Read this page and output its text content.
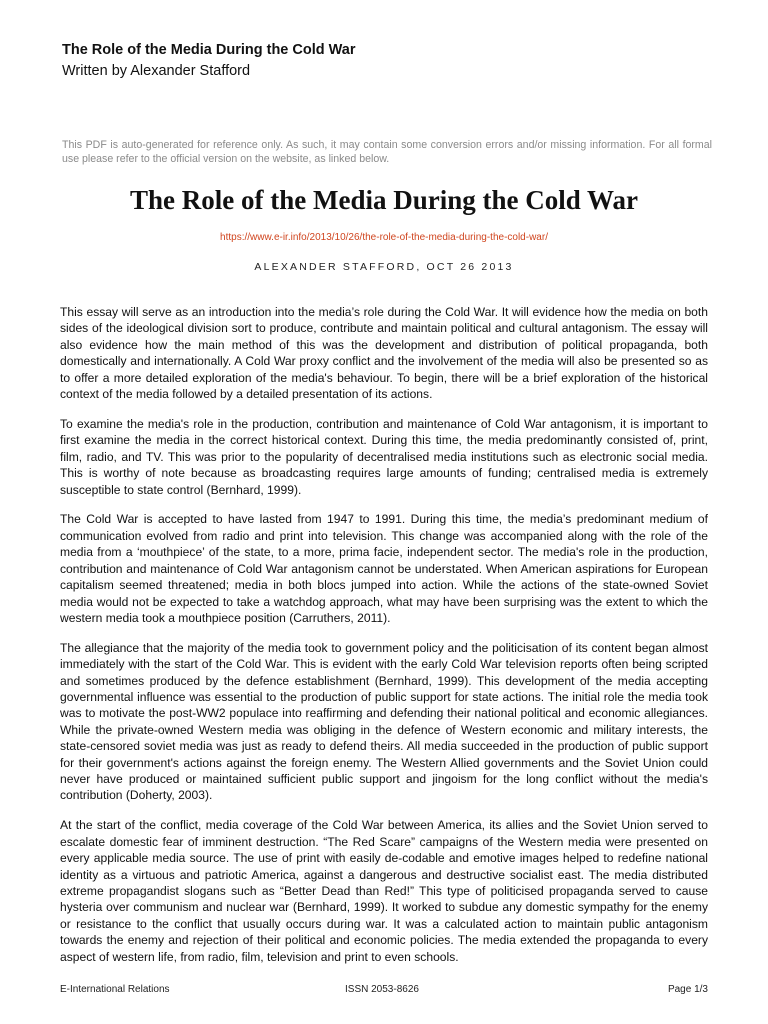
The Role of the Media During the Cold War
Written by Alexander Stafford

This PDF is auto-generated for reference only. As such, it may contain some conversion errors and/or missing information. For all formal use please refer to the official version on the website, as linked below.

The Role of the Media During the Cold War
https://www.e-ir.info/2013/10/26/the-role-of-the-media-during-the-cold-war/
ALEXANDER STAFFORD, OCT 26 2013

This essay will serve as an introduction into the media’s role during the Cold War. It will evidence how the media on both sides of the ideological division sort to produce, contribute and maintain political and cultural antagonism. The essay will also evidence how the main method of this was the development and distribution of political propaganda, both domestically and internationally. A Cold War proxy conflict and the involvement of the media will also be presented so as to offer a more detailed exploration of the media's behaviour. To begin, there will be a brief exploration of the historical context of the media followed by a detailed presentation of its actions.

To examine the media's role in the production, contribution and maintenance of Cold War antagonism, it is important to first examine the media in the correct historical context. During this time, the media predominantly consisted of, print, film, radio, and TV. This was prior to the popularity of decentralised media institutions such as electronic social media. This is worthy of note because as broadcasting requires large amounts of funding; centralised media is extremely susceptible to state control (Bernhard, 1999).

The Cold War is accepted to have lasted from 1947 to 1991. During this time, the media’s predominant medium of communication evolved from radio and print into television. This change was accompanied along with the role of the media from a ‘mouthpiece’ of the state, to a more, prima facie, independent sector. The media's role in the production, contribution and maintenance of Cold War antagonism cannot be understated. When American aspirations for European capitalism seemed threatened; media in both blocs jumped into action. While the actions of the state-owned Soviet media would not be expected to take a watchdog approach, what may have been surprising was the extent to which the western media took a mouthpiece position (Carruthers, 2011).

The allegiance that the majority of the media took to government policy and the politicisation of its content began almost immediately with the start of the Cold War. This is evident with the early Cold War television reports often being scripted and sometimes produced by the defence establishment (Bernhard, 1999). This development of the media accepting governmental influence was essential to the production of public support for state actions. The initial role the media took was to motivate the post-WW2 populace into reaffirming and defending their national political and economic allegiances. While the private-owned Western media was obliging in the defence of Western economic and military interests, the state-censored soviet media was just as ready to defend theirs. All media succeeded in the production of public support for their government's actions against the foreign enemy. The Western Allied governments and the Soviet Union could never have produced or maintained sufficient public support and jingoism for the long conflict without the media's contribution (Doherty, 2003).

At the start of the conflict, media coverage of the Cold War between America, its allies and the Soviet Union served to escalate domestic fear of imminent destruction. “The Red Scare” campaigns of the Western media were presented on every applicable media source. The use of print with easily de-codable and emotive images helped to redefine national identity as a virtuous and patriotic America, against a dangerous and destructive socialist east. The media distributed extreme propagandist slogans such as “Better Dead than Red!” This type of politicised propaganda served to cause hysteria over communism and nuclear war (Bernhard, 1999). It worked to subdue any domestic sympathy for the enemy or resistance to the conflict that usually occurs during war. It was a calculated action to maintain public antagonism towards the enemy and rejection of their political and economic policies. The media extended the propaganda to every aspect of western life, from radio, film, television and print to even schools.

E-International Relations	ISSN 2053-8626	Page 1/3
